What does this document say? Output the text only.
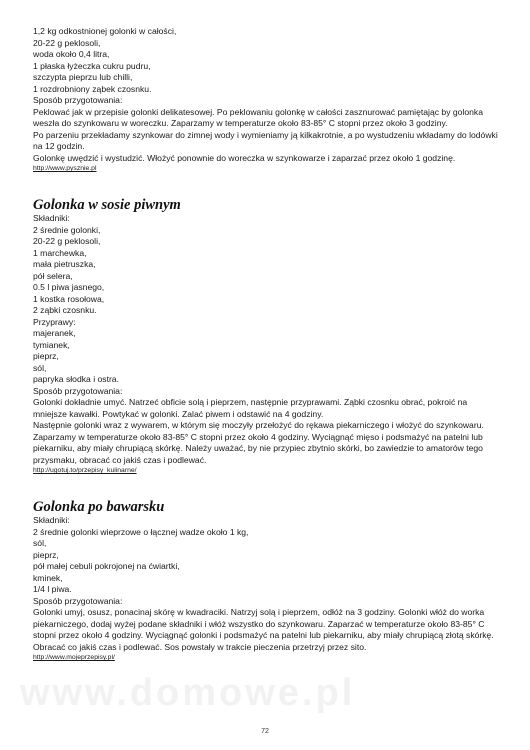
www.domowe.pl

1,2 kg odkostnionej golonki w całości,

20-22 g peklosoli,

woda około 0,4 litra,

1 płaska łyżeczka cukru pudru,

szczypta pieprzu lub chilli,

1 rozdrobniony ząbek czosnku.

Sposób przygotowania:

Peklować jak w przepisie golonki delikatesowej. Po peklowaniu golonkę w całości zasznurować pamiętając by golonka weszła do szynkowaru w woreczku. Zaparzamy w temperaturze około 83-85° C stopni przez około 3 godziny.

Po parzeniu przekładamy szynkowar do zimnej wody i wymieniamy ją kilkakrotnie, a po wystudzeniu wkładamy do lodówki na 12 godzin.

Golonkę uwędzić i wystudzić. Włożyć ponownie do woreczka w szynkowarze i zaparzać przez około 1 godzinę.

http://www.pysznie.pl
Golonka w sosie piwnym

Składniki:

2 średnie golonki,

20-22 g peklosoli,

1 marchewka,

mała pietruszka,

pół selera,

0.5 l piwa jasnego,

1 kostka rosołowa,

2 ząbki czosnku.

Przyprawy:

majeranek,

tymianek,

pieprz,

sól,

papryka słodka i ostra.

Sposób przygotowania:

Golonki dokładnie umyć. Natrzeć obficie solą i pieprzem, następnie przyprawami. Ząbki czosnku obrać, pokroić na mniejsze kawałki. Powtykać w golonki. Zalać piwem i odstawić na 4 godziny.

Następnie golonki wraz z wywarem, w którym się moczyły przełożyć do rękawa piekarniczego i włożyć do szynkowaru. Zaparzamy w temperaturze około 83-85° C stopni przez około 4 godziny. Wyciągnąć mięso i podsmażyć na patelni lub piekarniku, aby miały chrupiącą skórkę. Należy uważać, by nie przypiec zbytnio skórki, bo zawiedzie to amatorów tego przysmaku, obracać co jakiś czas i podlewać.

http://ugotuj.to/przepisy_kulinarne/
Golonka po bawarsku

Składniki:

2 średnie golonki wieprzowe o łącznej wadze około 1 kg,

sól,

pieprz,

pół małej cebuli pokrojonej na ćwiartki,

kminek,

1/4 l piwa.

Sposób przygotowania:

Golonki umyj, osusz, ponacinaj skórę w kwadraciki. Natrzyj solą i pieprzem, odłóż na 3 godziny. Golonki włóż do worka piekarniczego, dodaj wyżej podane składniki i włóż wszystko do szynkowaru. Zaparzać w temperaturze około 83-85° C stopni przez około 4 godziny. Wyciągnąć golonki i podsmażyć na patelni lub piekarniku, aby miały chrupiącą złotą skórkę. Obracać co jakiś czas i podlewać. Sos powstały w trakcie pieczenia przetrzyj przez sito.

http://www.mojeprzepisy.pl/
72
